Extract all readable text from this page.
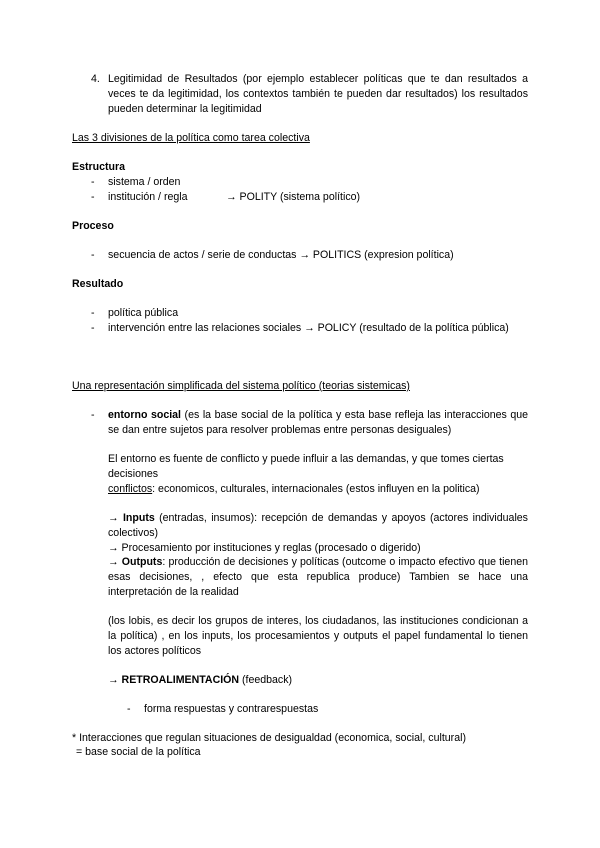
4. Legitimidad de Resultados (por ejemplo establecer políticas que te dan resultados a veces te da legitimidad, los contextos también te pueden dar resultados) los resultados pueden determinar la legitimidad
Las 3 divisiones de la política como tarea colectiva
Estructura
-	sistema / orden
-	institución / regla	→ POLITY (sistema político)
Proceso
-	secuencia de actos / serie de conductas → POLITICS (expresion política)
Resultado
-	política pública
-	intervención entre las relaciones sociales → POLICY (resultado de la política pública)
Una representación simplificada del sistema político (teorias sistemicas)
-	entorno social (es la base social de la política y esta base refleja las interacciones que se dan entre sujetos para resolver problemas entre personas desiguales)
El entorno es fuente de conflicto y puede influir a las demandas, y que tomes ciertas decisiones
conflictos: economicos, culturales, internacionales (estos influyen en la politica)
→ Inputs (entradas, insumos): recepción de demandas y apoyos (actores individuales colectivos)
→ Procesamiento por instituciones y reglas (procesado o digerido)
→ Outputs: producción de decisiones y políticas (outcome o impacto efectivo que tienen esas decisiones, , efecto que esta republica produce) Tambien se hace una interpretación de la realidad
(los lobis, es decir los grupos de interes, los ciudadanos, las instituciones condicionan a la política) , en los inputs, los procesamientos y outputs el papel fundamental lo tienen los actores políticos
→ RETROALIMENTACIÓN (feedback)
-	forma respuestas y contrarespuestas
* Interacciones que regulan situaciones de desigualdad (economica, social, cultural)
= base social de la política
